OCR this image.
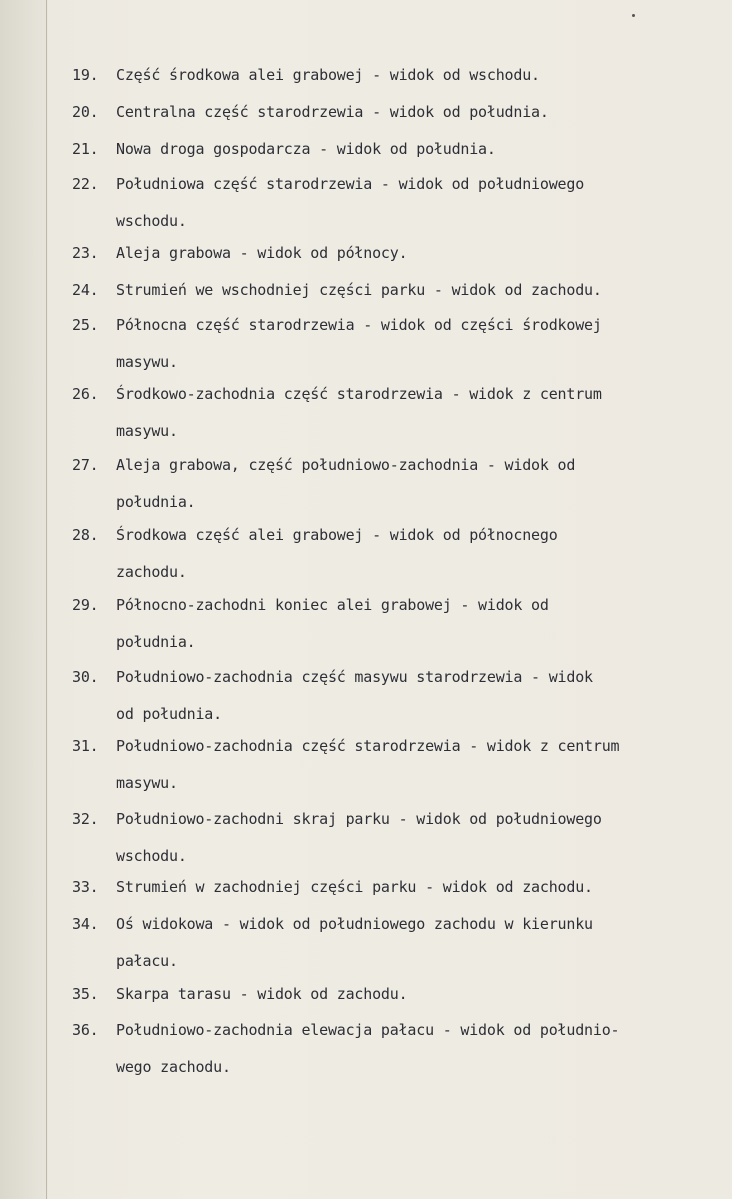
19.	Część środkowa alei grabowej - widok od wschodu.
20.	Centralna część starodrzewia - widok od południa.
21.	Nowa droga gospodarcza - widok od południa.
22.	Południowa część starodrzewia - widok od południowego
wschodu.
23.	Aleja grabowa - widok od północy.
24.	Strumień we wschodniej części parku - widok od zachodu.
25.	Północna część starodrzewia - widok od części środkowej
masywu.
26.	Środkowo-zachodnia część starodrzewia - widok z centrum
masywu.
27.	Aleja grabowa, część południowo-zachodnia - widok od
południa.
28.	Środkowa część alei grabowej - widok od północnego
zachodu.
29.	Północno-zachodni koniec alei grabowej - widok od
południa.
30.	Południowo-zachodnia część masywu starodrzewia - widok
od południa.
31.	Południowo-zachodnia część starodrzewia - widok z centrum
masywu.
32.	Południowo-zachodni skraj parku - widok od południowego
wschodu.
33.	Strumień w zachodniej części parku - widok od zachodu.
34.	Oś widokowa - widok od południowego zachodu w kierunku
pałacu.
35.	Skarpa tarasu - widok od zachodu.
36.	Południowo-zachodnia elewacja pałacu - widok od południo-
wego zachodu.
